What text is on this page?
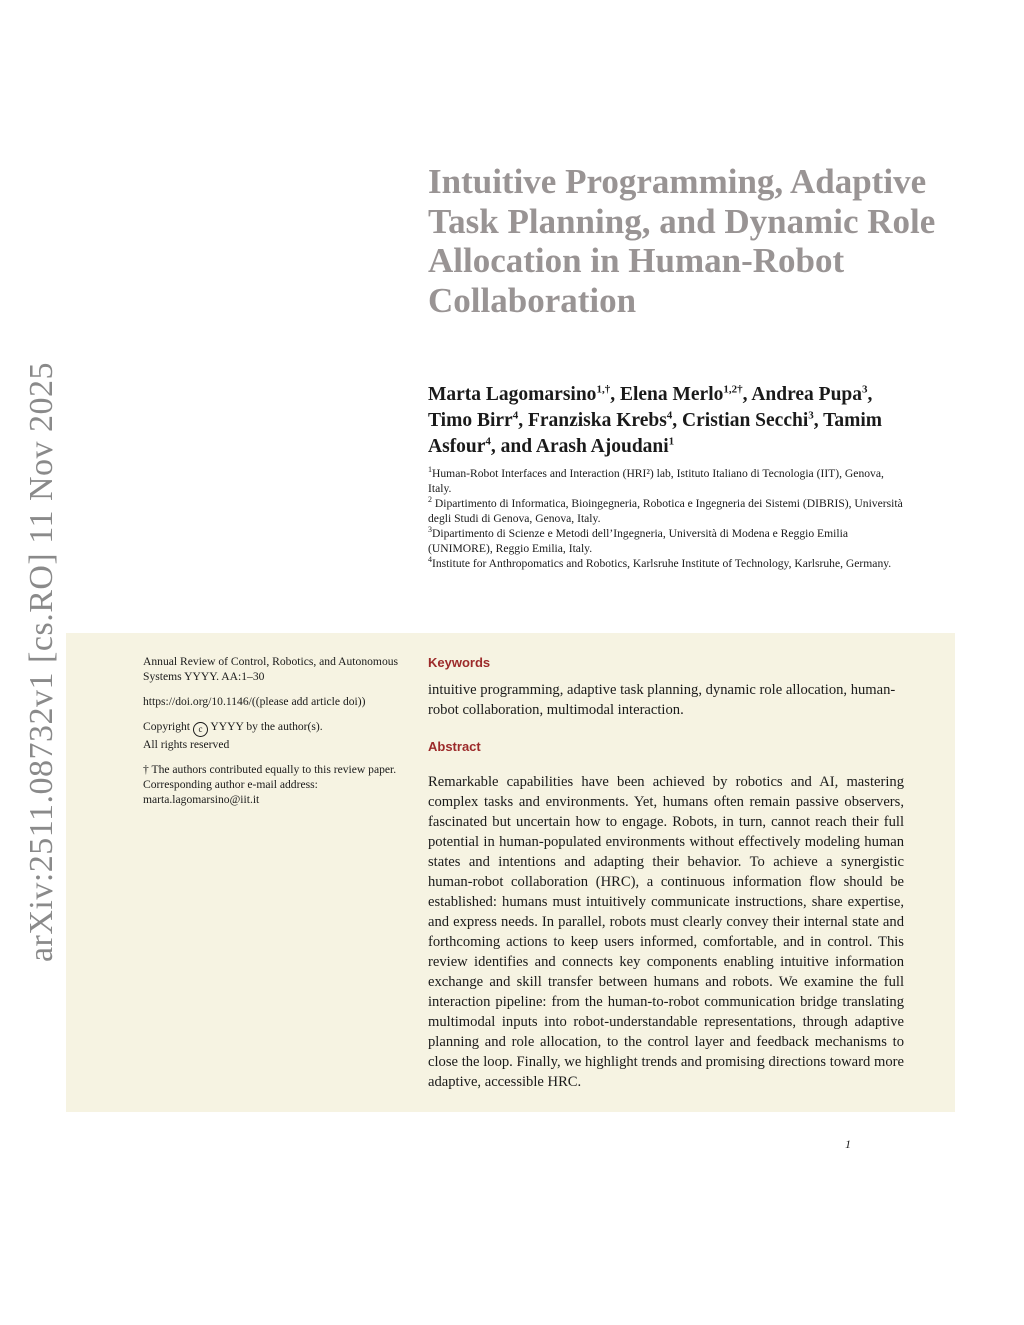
arXiv:2511.08732v1 [cs.RO] 11 Nov 2025
Intuitive Programming, Adaptive Task Planning, and Dynamic Role Allocation in Human-Robot Collaboration
Marta Lagomarsino$^{1,\dagger}$, Elena Merlo$^{1,2\dagger}$, Andrea Pupa$^3$, Timo Birr$^4$, Franziska Krebs$^4$, Cristian Secchi$^3$, Tamim Asfour$^4$, and Arash Ajoudani$^1$

$^1$Human-Robot Interfaces and Interaction (HRI²) lab, Istituto Italiano di Tecnologia (IIT), Genova, Italy.

$^2$ Dipartimento di Informatica, Bioingegneria, Robotica e Ingegneria dei Sistemi (DIBRIS), Università degli Studi di Genova, Genova, Italy.

$^3$Dipartimento di Scienze e Metodi dell’Ingegneria, Università di Modena e Reggio Emilia (UNIMORE), Reggio Emilia, Italy.

$^4$Institute for Anthropomatics and Robotics, Karlsruhe Institute of Technology, Karlsruhe, Germany.

Annual Review of Control, Robotics, and Autonomous Systems YYYY. AA:1–30

https://doi.org/10.1146/((please add article doi))

Copyright c YYYY by the author(s).
All rights reserved

† The authors contributed equally to this review paper. Corresponding author e-mail address: marta.lagomarsino@iit.it

Keywords

intuitive programming, adaptive task planning, dynamic role allocation, human-robot collaboration, multimodal interaction.

Abstract

Remarkable capabilities have been achieved by robotics and AI, mastering complex tasks and environments. Yet, humans often remain passive observers, fascinated but uncertain how to engage. Robots, in turn, cannot reach their full potential in human-populated environments without effectively modeling human states and intentions and adapting their behavior. To achieve a synergistic human-robot collaboration (HRC), a continuous information flow should be established: humans must intuitively communicate instructions, share expertise, and express needs. In parallel, robots must clearly convey their internal state and forthcoming actions to keep users informed, comfortable, and in control. This review identifies and connects key components enabling intuitive information exchange and skill transfer between humans and robots. We examine the full interaction pipeline: from the human-to-robot communication bridge translating multimodal inputs into robot-understandable representations, through adaptive planning and role allocation, to the control layer and feedback mechanisms to close the loop. Finally, we highlight trends and promising directions toward more adaptive, accessible HRC.

1
